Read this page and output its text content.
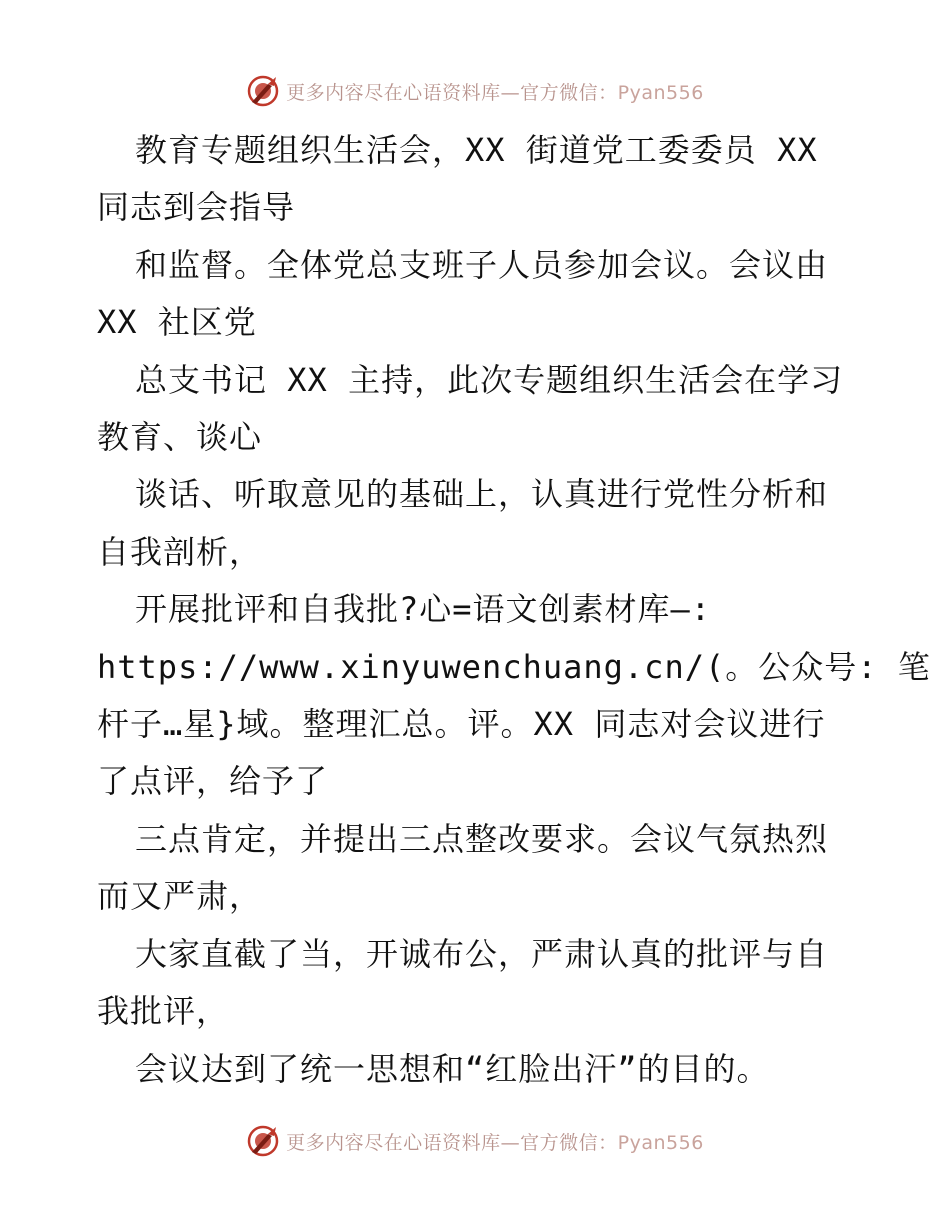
更多内容尽在心语资料库—官方微信：Pyan556
教育专题组织生活会，XX 街道党工委委员 XX
同志到会指导
和监督。全体党总支班子人员参加会议。会议由
XX 社区党
总支书记 XX 主持，此次专题组织生活会在学习
教育、谈心
谈话、听取意见的基础上，认真进行党性分析和
自我剖析，
开展批评和自我批?心=语文创素材库—:
https://www.xinyuwenchuang.cn/(。公众号: 笔
杆子…星}域。整理汇总。评。XX 同志对会议进行
了点评，给予了
三点肯定，并提出三点整改要求。会议气氛热烈
而又严肃，
大家直截了当，开诚布公，严肃认真的批评与自
我批评，
会议达到了统一思想和“红脸出汗”的目的。
更多内容尽在心语资料库—官方微信：Pyan556
